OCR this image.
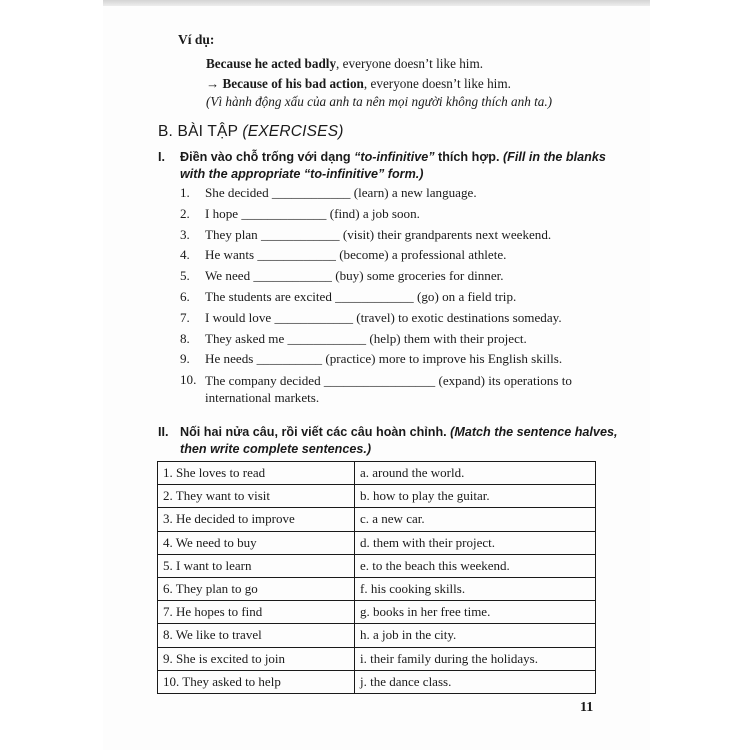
Ví dụ:
Because he acted badly, everyone doesn’t like him.
→ Because of his bad action, everyone doesn’t like him.
(Vì hành động xấu của anh ta nên mọi người không thích anh ta.)
B. BÀI TẬP (EXERCISES)
I. Điền vào chỗ trống với dạng “to-infinitive” thích hợp. (Fill in the blanks with the appropriate “to-infinitive” form.)
1.	She decided ____________ (learn) a new language.
2.	I hope _____________ (find) a job soon.
3.	They plan ____________ (visit) their grandparents next weekend.
4.	He wants ____________ (become) a professional athlete.
5.	We need ____________ (buy) some groceries for dinner.
6.	The students are excited ____________ (go) on a field trip.
7.	I would love ____________ (travel) to exotic destinations someday.
8.	They asked me ____________ (help) them with their project.
9.	He needs __________ (practice) more to improve his English skills.
10. The company decided _________________ (expand) its operations to international markets.
II. Nối hai nửa câu, rồi viết các câu hoàn chỉnh. (Match the sentence halves, then write complete sentences.)
1. She loves to read	a. around the world.
2. They want to visit	b. how to play the guitar.
3. He decided to improve	c. a new car.
4. We need to buy	d. them with their project.
5. I want to learn	e. to the beach this weekend.
6. They plan to go	f. his cooking skills.
7. He hopes to find	g. books in her free time.
8. We like to travel	h. a job in the city.
9. She is excited to join	i. their family during the holidays.
10. They asked to help	j. the dance class.
11
